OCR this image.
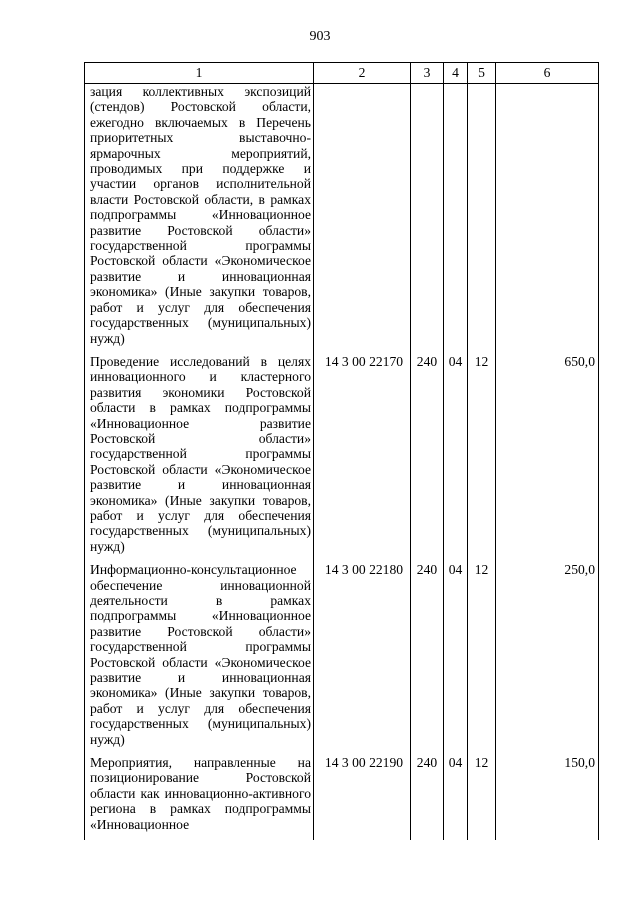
903
1	2	3	4	5	6
зация коллективных экспозиций (стендов) Ростовской области, ежегодно включаемых в Перечень приоритетных выставочно-ярмарочных мероприятий, проводимых при поддержке и участии органов исполнительной власти Ростовской области, в рамках подпрограммы «Инновационное развитие Ростовской области» государственной программы Ростовской области «Экономическое развитие и инновационная экономика» (Иные закупки товаров, работ и услуг для обеспечения государственных (муниципальных) нужд)					
Проведение исследований в целях инновационного и кластерного развития экономики Ростовской области в рамках подпрограммы «Инновационное развитие Ростовской области» государственной программы Ростовской области «Экономическое развитие и инновационная экономика» (Иные закупки товаров, работ и услуг для обеспечения государственных (муниципальных) нужд)	14 3 00 22170	240	04	12	650,0
Информационно-консультационное обеспечение инновационной деятельности в рамках подпрограммы «Инновационное развитие Ростовской области» государственной программы Ростовской области «Экономическое развитие и инновационная экономика» (Иные закупки товаров, работ и услуг для обеспечения государственных (муниципальных) нужд)	14 3 00 22180	240	04	12	250,0
Мероприятия, направленные на позиционирование Ростовской области как инновационно-активного региона в рамках подпрограммы «Инновационное	14 3 00 22190	240	04	12	150,0
